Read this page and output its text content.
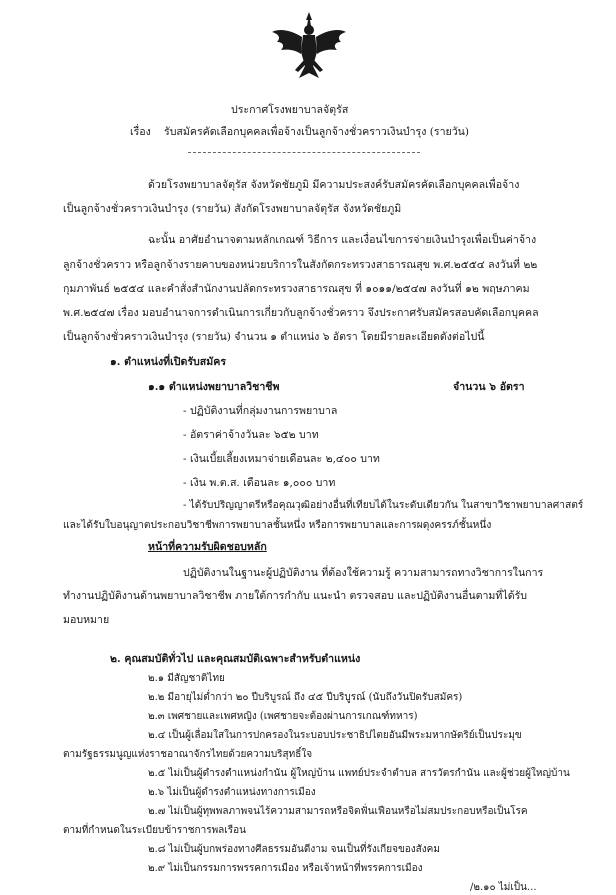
ประกาศโรงพยาบาลจัตุรัส
เรื่อง รับสมัครคัดเลือกบุคคลเพื่อจ้างเป็นลูกจ้างชั่วคราวเงินบำรุง (รายวัน)
ด้วยโรงพยาบาลจัตุรัส จังหวัดชัยภูมิ มีความประสงค์รับสมัครคัดเลือกบุคคลเพื่อจ้าง
เป็นลูกจ้างชั่วคราวเงินบำรุง (รายวัน) สังกัดโรงพยาบาลจัตุรัส จังหวัดชัยภูมิ
ฉะนั้น อาศัยอำนาจตามหลักเกณฑ์ วิธีการ และเงื่อนไขการจ่ายเงินบำรุงเพื่อเป็นค่าจ้าง
ลูกจ้างชั่วคราว หรือลูกจ้างรายคาบของหน่วยบริการในสังกัดกระทรวงสาธารณสุข พ.ศ.๒๕๕๔ ลงวันที่ ๒๒
กุมภาพันธ์ ๒๕๕๔ และคำสั่งสำนักงานปลัดกระทรวงสาธารณสุข ที่ ๑๐๑๑/๒๕๔๗ ลงวันที่ ๑๒ พฤษภาคม
พ.ศ.๒๕๔๗ เรื่อง มอบอำนาจการดำเนินการเกี่ยวกับลูกจ้างชั่วคราว จึงประกาศรับสมัครสอบคัดเลือกบุคคล
เป็นลูกจ้างชั่วคราวเงินบำรุง (รายวัน) จำนวน ๑ ตำแหน่ง ๖ อัตรา โดยมีรายละเอียดดังต่อไปนี้
๑. ตำแหน่งที่เปิดรับสมัคร
๑.๑ ตำแหน่งพยาบาลวิชาชีพ	จำนวน ๖ อัตรา
- ปฏิบัติงานที่กลุ่มงานการพยาบาล
- อัตราค่าจ้างวันละ ๖๕๒ บาท
- เงินเบี้ยเลี้ยงเหมาจ่ายเดือนละ ๒,๔๐๐ บาท
- เงิน พ.ต.ส. เดือนละ ๑,๐๐๐ บาท
- ได้รับปริญญาตรีหรือคุณวุฒิอย่างอื่นที่เทียบได้ในระดับเดียวกัน ในสาขาวิชาพยาบาลศาสตร์
และได้รับใบอนุญาตประกอบวิชาชีพการพยาบาลชั้นหนึ่ง หรือการพยาบาลและการผดุงครรภ์ชั้นหนึ่ง
หน้าที่ความรับผิดชอบหลัก
ปฏิบัติงานในฐานะผู้ปฏิบัติงาน ที่ต้องใช้ความรู้ ความสามารถทางวิชาการในการ
ทำงานปฏิบัติงานด้านพยาบาลวิชาชีพ ภายใต้การกำกับ แนะนำ ตรวจสอบ และปฏิบัติงานอื่นตามที่ได้รับ
มอบหมาย
๒. คุณสมบัติทั่วไป และคุณสมบัติเฉพาะสำหรับตำแหน่ง
๒.๑ มีสัญชาติไทย
๒.๒ มีอายุไม่ต่ำกว่า ๒๐ ปีบริบูรณ์ ถึง ๔๕ ปีบริบูรณ์ (นับถึงวันปิดรับสมัคร)
๒.๓ เพศชายและเพศหญิง (เพศชายจะต้องผ่านการเกณฑ์ทหาร)
๒.๔ เป็นผู้เลื่อมใสในการปกครองในระบอบประชาธิปไตยอันมีพระมหากษัตริย์เป็นประมุข
ตามรัฐธรรมนูญแห่งราชอาณาจักรไทยด้วยความบริสุทธิ์ใจ
๒.๕ ไม่เป็นผู้ดำรงตำแหน่งกำนัน ผู้ใหญ่บ้าน แพทย์ประจำตำบล สารวัตรกำนัน และผู้ช่วยผู้ใหญ่บ้าน
๒.๖ ไม่เป็นผู้ดำรงตำแหน่งทางการเมือง
๒.๗ ไม่เป็นผู้ทุพพลภาพจนไร้ความสามารถหรือจิตฟั่นเฟือนหรือไม่สมประกอบหรือเป็นโรค
ตามที่กำหนดในระเบียบข้าราชการพลเรือน
๒.๘ ไม่เป็นผู้บกพร่องทางศีลธรรมอันดีงาม จนเป็นที่รังเกียจของสังคม
๒.๙ ไม่เป็นกรรมการพรรคการเมือง หรือเจ้าหน้าที่พรรคการเมือง
/๒.๑๐ ไม่เป็น...
